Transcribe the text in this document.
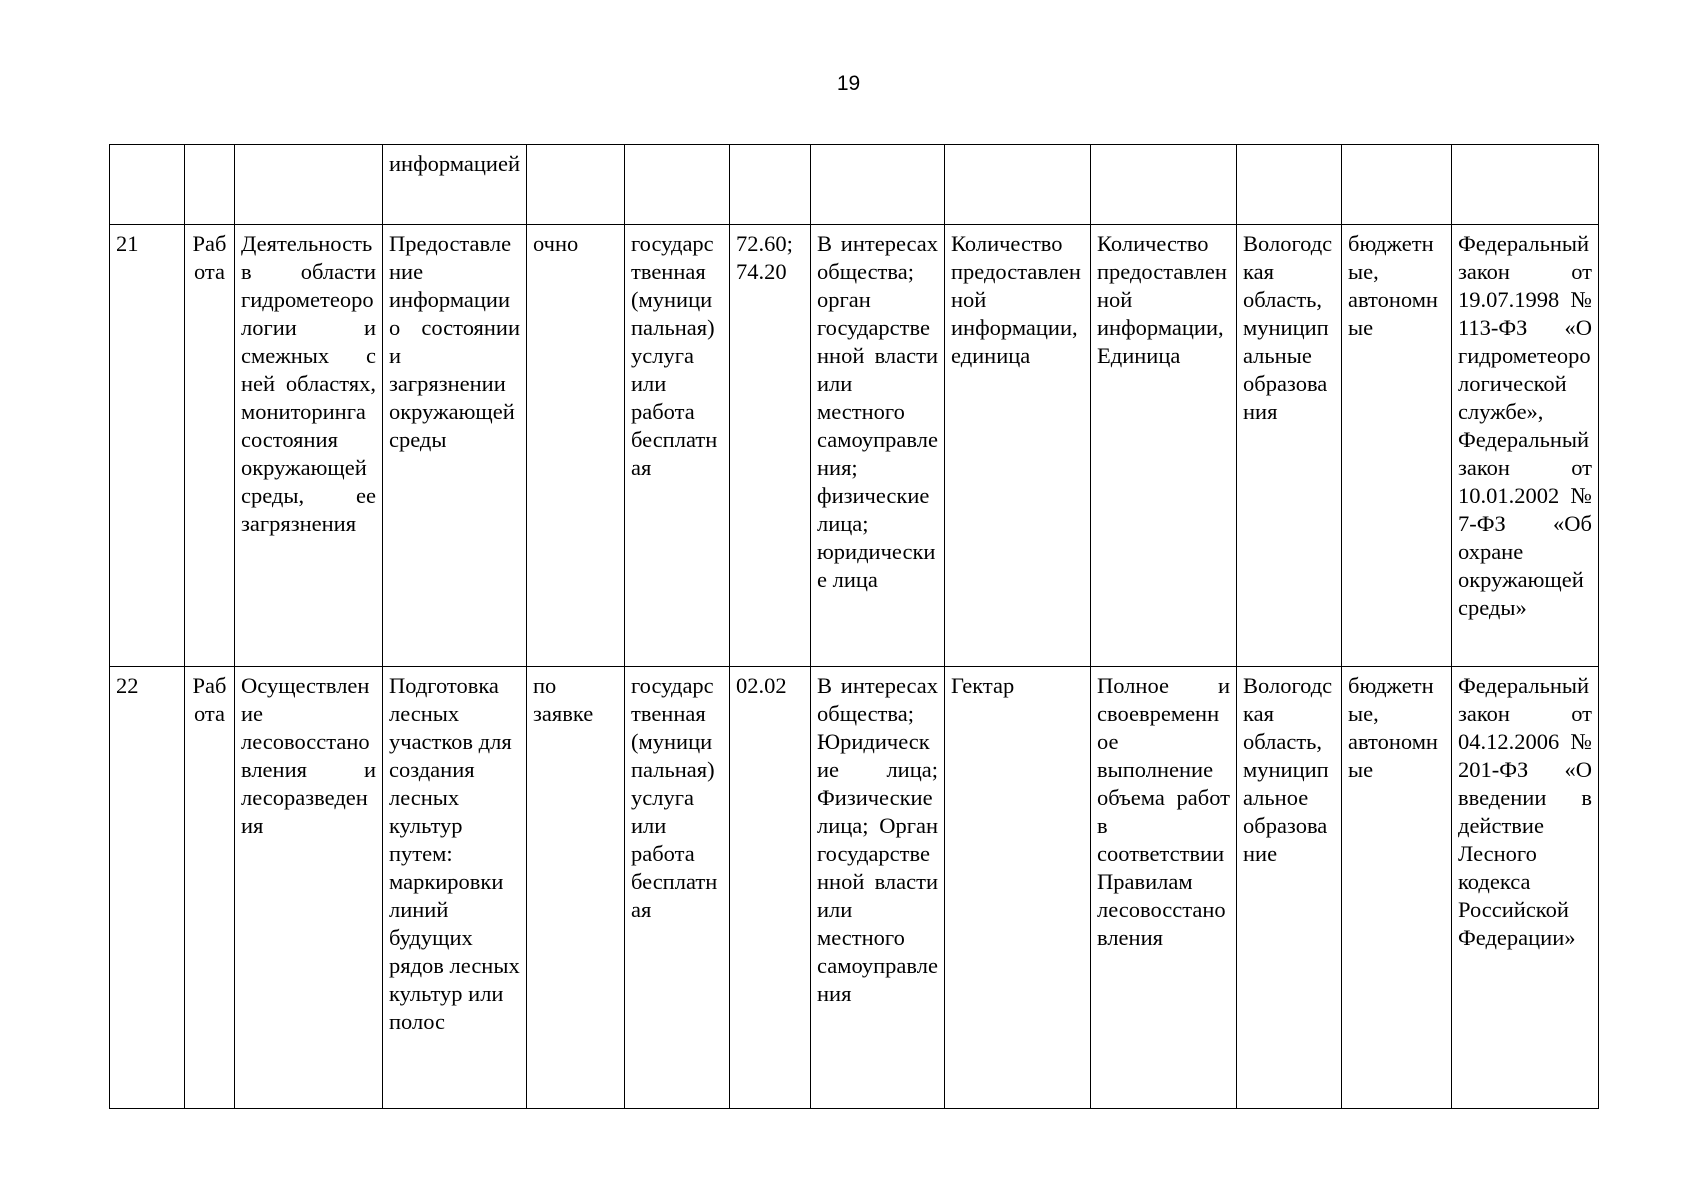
19
			информацией									
21	Работа	Деятельность в области гидрометеорологии и смежных с ней областях, мониторинга состояния окружающей среды, ее загрязнения	Предоставление информации о состоянии и загрязнении окружающей среды	очно	государственная (муниципальная) услуга или работа бесплатная	72.60; 74.20	В интересах общества; орган государственной власти или местного самоуправления; физические лица; юридические лица	Количество предоставленной информации, единица	Количество предоставленной информации, Единица	Вологодская область, муниципальные образования	бюджетные, автономные	Федеральный закон от 19.07.1998 № 113-ФЗ «О гидрометеорологической службе», Федеральный закон от 10.01.2002 № 7-ФЗ «Об охране окружающей среды»
22	Работа	Осуществление лесовосстановления и лесоразведения	Подготовка лесных участков для создания лесных культур путем: маркировки линий будущих рядов лесных культур или полос	по заявке	государственная (муниципальная) услуга или работа бесплатная	02.02	В интересах общества; Юридические лица; Физические лица; Орган государственной власти или местного самоуправления	Гектар	Полное и своевременное выполнение объема работ в соответствии Правилам лесовосстановления	Вологодская область, муниципальное образование	бюджетные, автономные	Федеральный закон от 04.12.2006 № 201-ФЗ «О введении в действие Лесного кодекса Российской Федерации»
